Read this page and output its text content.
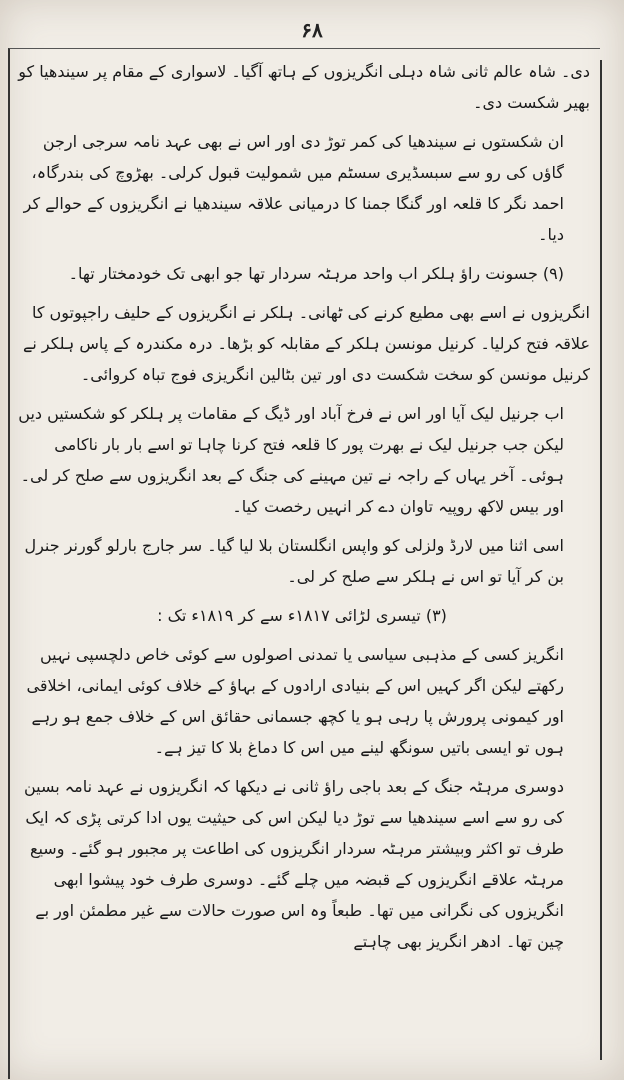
۶۸

دی۔ شاہ عالم ثانی شاہ دہلی انگریزوں کے ہاتھ آگیا۔ لاسواری کے مقام پر سیندھیا کو بھیر شکست دی۔

ان شکستوں نے سیندھیا کی کمر توڑ دی اور اس نے بھی عہد نامہ سرجی ارجن گاؤں کی رو سے سبسڈیری سسٹم میں شمولیت قبول کرلی۔ بھڑوچ کی بندرگاہ، احمد نگر کا قلعہ اور گنگا جمنا کا درمیانی علاقہ سیندھیا نے انگریزوں کے حوالے کر دیا۔

(۹) جسونت راؤ ہلکر اب واحد مرہٹہ سردار تھا جو ابھی تک خودمختار تھا۔

انگریزوں نے اسے بھی مطیع کرنے کی ٹھانی۔ ہلکر نے انگریزوں کے حلیف راجپوتوں کا علاقہ فتح کرلیا۔ کرنیل مونسن ہلکر کے مقابلہ کو بڑھا۔ درہ مکندرہ کے پاس ہلکر نے کرنیل مونسن کو سخت شکست دی اور تین بٹالین انگریزی فوج تباہ کروائی۔

اب جرنیل لیک آیا اور اس نے فرخ آباد اور ڈیگ کے مقامات پر ہلکر کو شکستیں دیں لیکن جب جرنیل لیک نے بھرت پور کا قلعہ فتح کرنا چاہا تو اسے بار بار ناکامی ہوئی۔ آخر یہاں کے راجہ نے تین مہینے کی جنگ کے بعد انگریزوں سے صلح کر لی۔ اور بیس لاکھ روپیہ تاوان دے کر انہیں رخصت کیا۔

اسی اثنا میں لارڈ ولزلی کو واپس انگلستان بلا لیا گیا۔ سر جارج بارلو گورنر جنرل بن کر آیا تو اس نے ہلکر سے صلح کر لی۔

(۳) تیسری لڑائی ۱۸۱۷ء سے کر ۱۸۱۹ء تک :

انگریز کسی کے مذہبی سیاسی یا تمدنی اصولوں سے کوئی خاص دلچسپی نہیں رکھتے لیکن اگر کہیں اس کے بنیادی ارادوں کے بہاؤ کے خلاف کوئی ایمانی، اخلاقی اور کیمونی پرورش پا رہی ہو یا کچھ جسمانی حقائق اس کے خلاف جمع ہو رہے ہوں تو ایسی باتیں سونگھ لینے میں اس کا دماغ بلا کا تیز ہے۔

دوسری مرہٹہ جنگ کے بعد باجی راؤ ثانی نے دیکھا کہ انگریزوں نے عہد نامہ بسین کی رو سے اسے سیندھیا سے توڑ دیا لیکن اس کی حیثیت یوں ادا کرتی پڑی کہ ایک طرف تو اکثر وبیشتر مرہٹہ سردار انگریزوں کی اطاعت پر مجبور ہو گئے۔ وسیع مرہٹہ علاقے انگریزوں کے قبضہ میں چلے گئے۔ دوسری طرف خود پیشوا ابھی انگریزوں کی نگرانی میں تھا۔ طبعاً وہ اس صورت حالات سے غیر مطمئن اور بے چین تھا۔ ادھر انگریز بھی چاہتے
